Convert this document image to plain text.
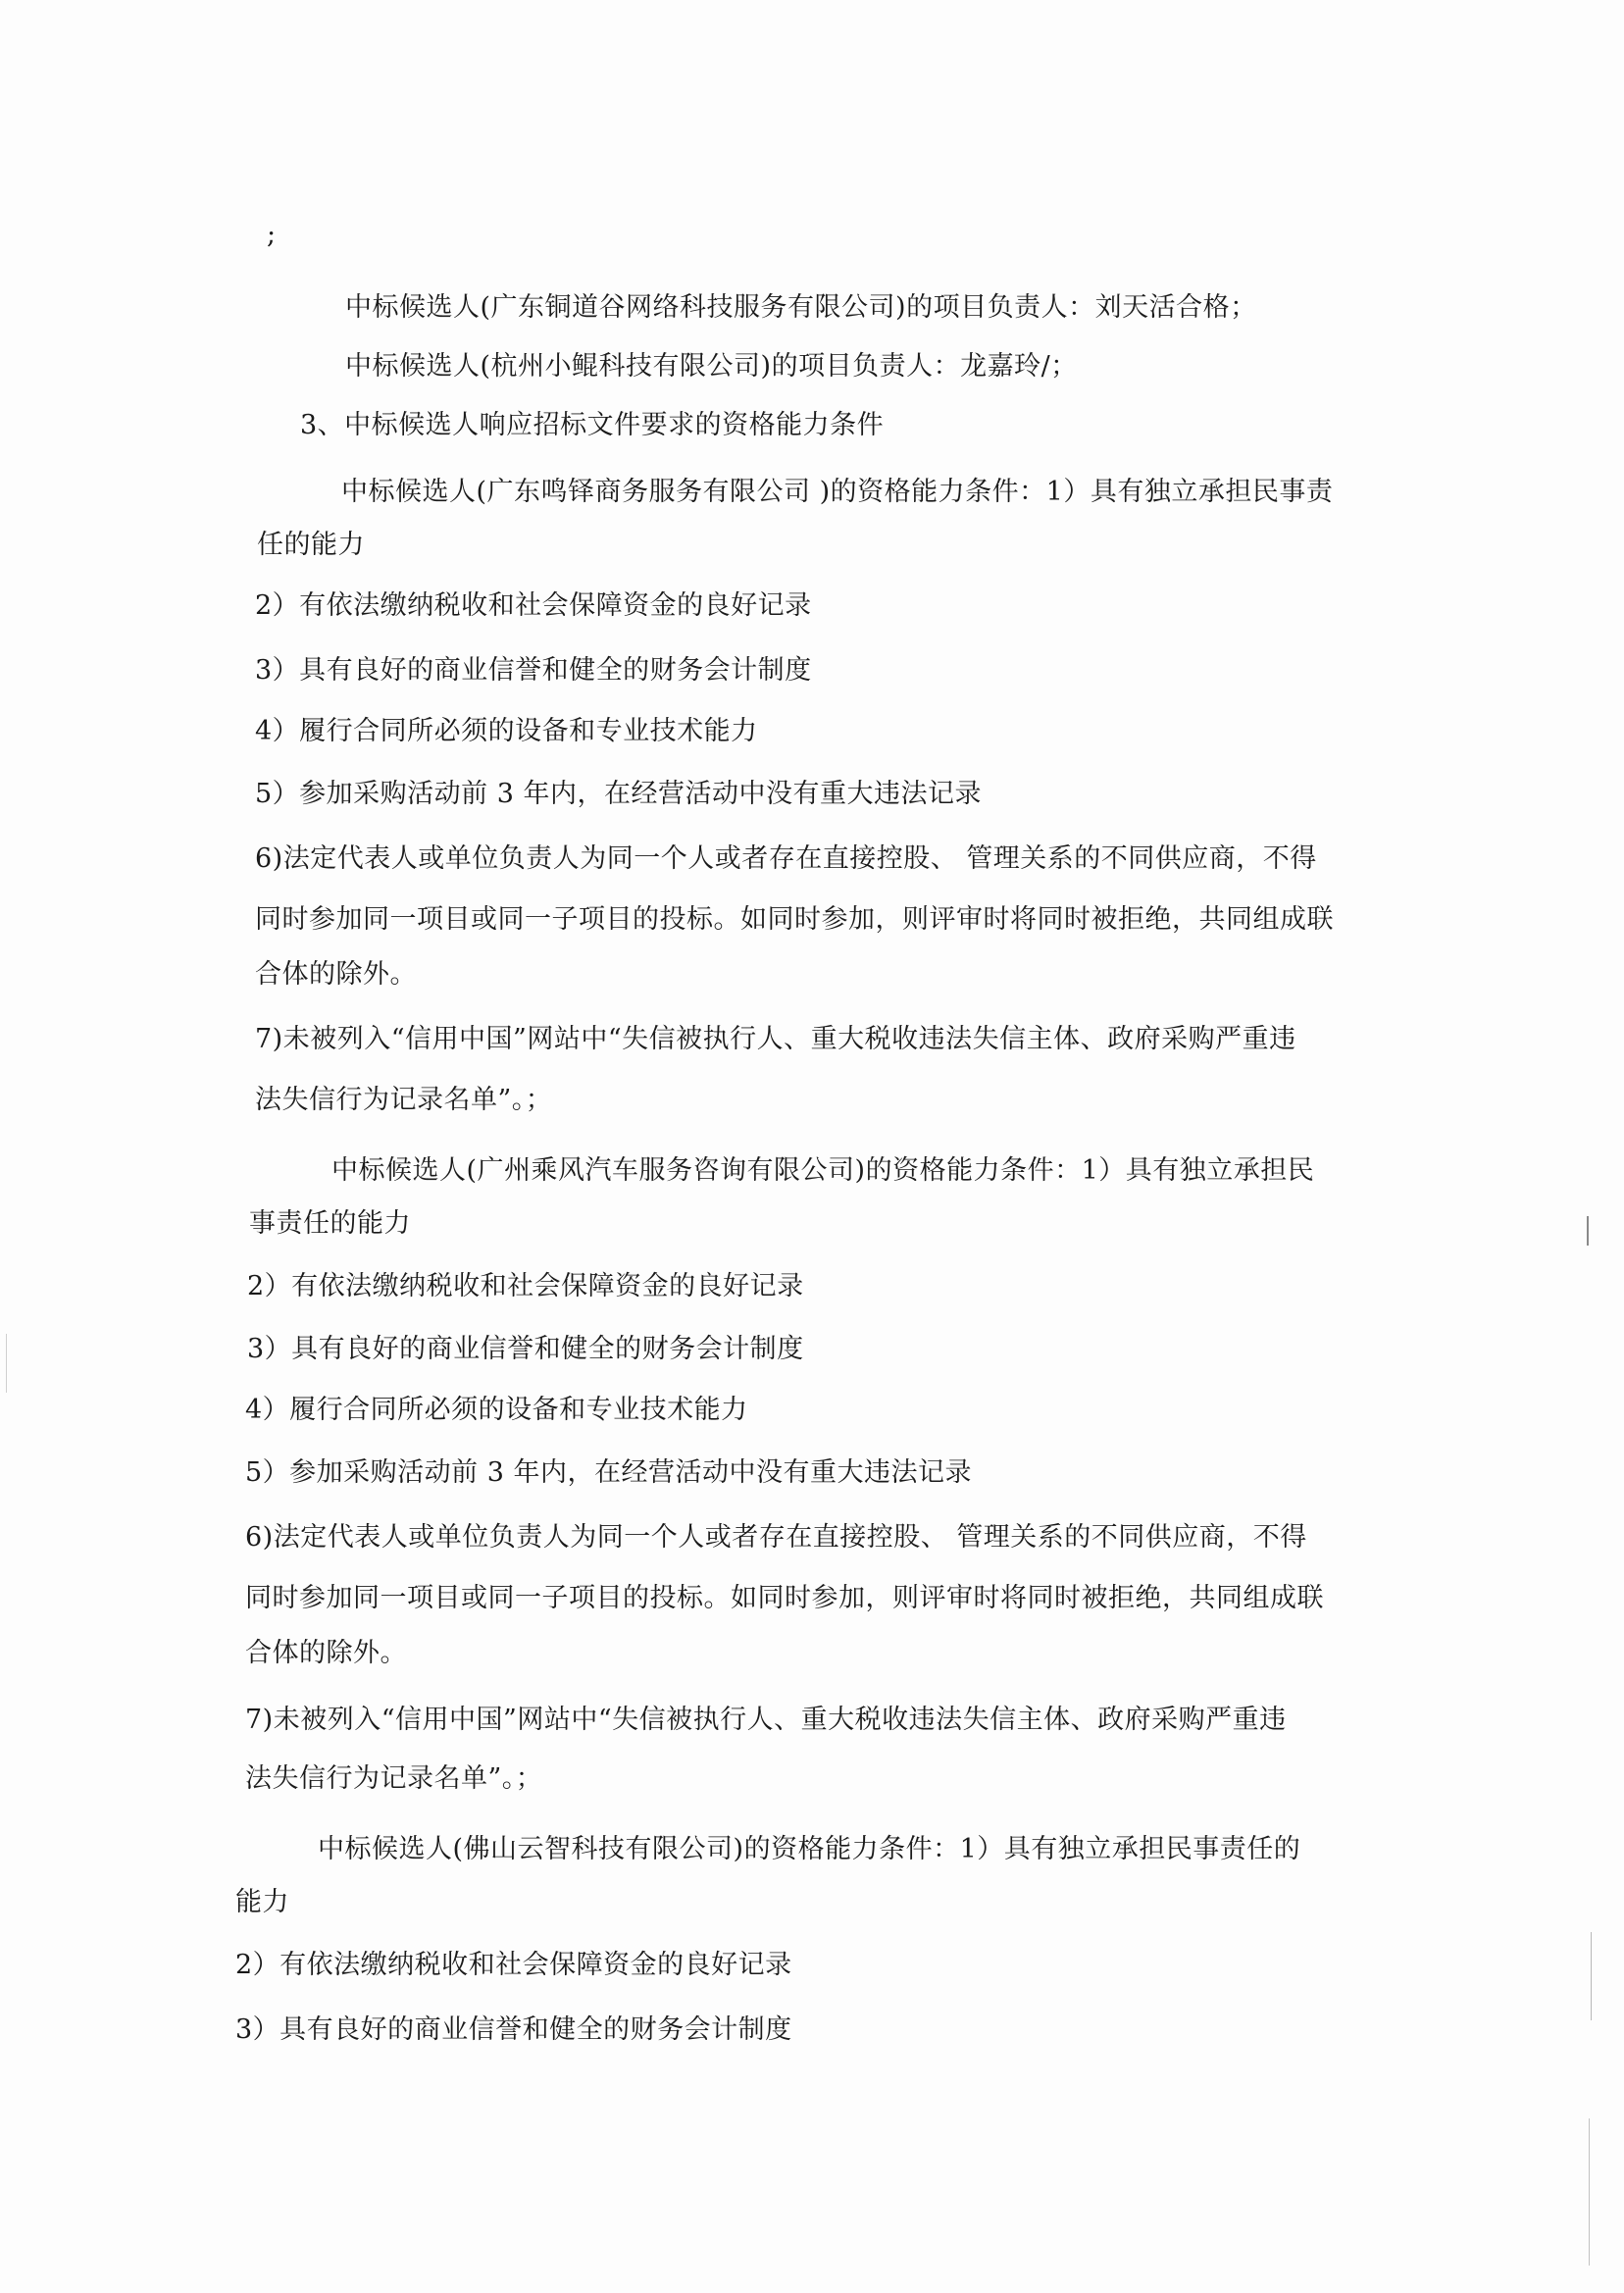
;
中标候选人(广东铜道谷网络科技服务有限公司)的项目负责人：刘天活合格；
中标候选人(杭州小鲲科技有限公司)的项目负责人：龙嘉玲/；
3、中标候选人响应招标文件要求的资格能力条件
中标候选人(广东鸣铎商务服务有限公司 )的资格能力条件：1）具有独立承担民事责
任的能力
2）有依法缴纳税收和社会保障资金的良好记录
3）具有良好的商业信誉和健全的财务会计制度
4）履行合同所必须的设备和专业技术能力
5）参加采购活动前 3 年内，在经营活动中没有重大违法记录
6)法定代表人或单位负责人为同一个人或者存在直接控股、 管理关系的不同供应商，不得
同时参加同一项目或同一子项目的投标。如同时参加，则评审时将同时被拒绝，共同组成联
合体的除外。
7)未被列入“信用中国”网站中“失信被执行人、重大税收违法失信主体、政府采购严重违
法失信行为记录名单”。；
中标候选人(广州乘风汽车服务咨询有限公司)的资格能力条件：1）具有独立承担民
事责任的能力
2）有依法缴纳税收和社会保障资金的良好记录
3）具有良好的商业信誉和健全的财务会计制度
4）履行合同所必须的设备和专业技术能力
5）参加采购活动前 3 年内，在经营活动中没有重大违法记录
6)法定代表人或单位负责人为同一个人或者存在直接控股、 管理关系的不同供应商，不得
同时参加同一项目或同一子项目的投标。如同时参加，则评审时将同时被拒绝，共同组成联
合体的除外。
7)未被列入“信用中国”网站中“失信被执行人、重大税收违法失信主体、政府采购严重违
法失信行为记录名单”。；
中标候选人(佛山云智科技有限公司)的资格能力条件：1）具有独立承担民事责任的
能力
2）有依法缴纳税收和社会保障资金的良好记录
3）具有良好的商业信誉和健全的财务会计制度
